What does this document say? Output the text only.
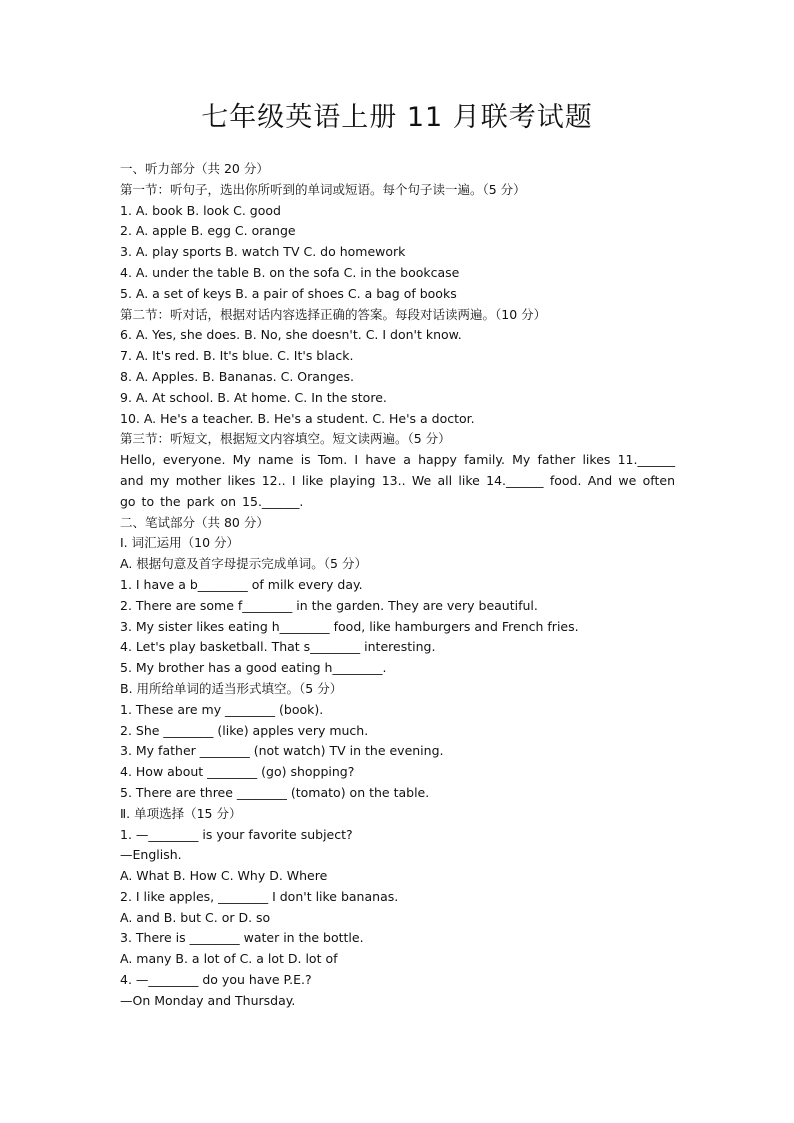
七年级英语上册 11 月联考试题
一、听力部分（共 20 分）
第一节：听句子，选出你所听到的单词或短语。每个句子读一遍。（5 分）
1. A. book B. look C. good
2. A. apple B. egg C. orange
3. A. play sports B. watch TV C. do homework
4. A. under the table B. on the sofa C. in the bookcase
5. A. a set of keys B. a pair of shoes C. a bag of books
第二节：听对话，根据对话内容选择正确的答案。每段对话读两遍。（10 分）
6. A. Yes, she does. B. No, she doesn't. C. I don't know.
7. A. It's red. B. It's blue. C. It's black.
8. A. Apples. B. Bananas. C. Oranges.
9. A. At school. B. At home. C. In the store.
10. A. He's a teacher. B. He's a student. C. He's a doctor.
第三节：听短文，根据短文内容填空。短文读两遍。（5 分）
Hello, everyone. My name is Tom. I have a happy family. My father likes 11.______ and my mother likes 12.. I like playing 13.. We all like 14.______ food. And we often go to the park on 15.______.
二、笔试部分（共 80 分）
Ⅰ. 词汇运用（10 分）
A. 根据句意及首字母提示完成单词。（5 分）
1. I have a b________ of milk every day.
2. There are some f________ in the garden. They are very beautiful.
3. My sister likes eating h________ food, like hamburgers and French fries.
4. Let's play basketball. That s________ interesting.
5. My brother has a good eating h________.
B. 用所给单词的适当形式填空。（5 分）
1. These are my ________ (book).
2. She ________ (like) apples very much.
3. My father ________ (not watch) TV in the evening.
4. How about ________ (go) shopping?
5. There are three ________ (tomato) on the table.
Ⅱ. 单项选择（15 分）
1. —________ is your favorite subject?
—English.
A. What B. How C. Why D. Where
2. I like apples, ________ I don't like bananas.
A. and B. but C. or D. so
3. There is ________ water in the bottle.
A. many B. a lot of C. a lot D. lot of
4. —________ do you have P.E.?
—On Monday and Thursday.
